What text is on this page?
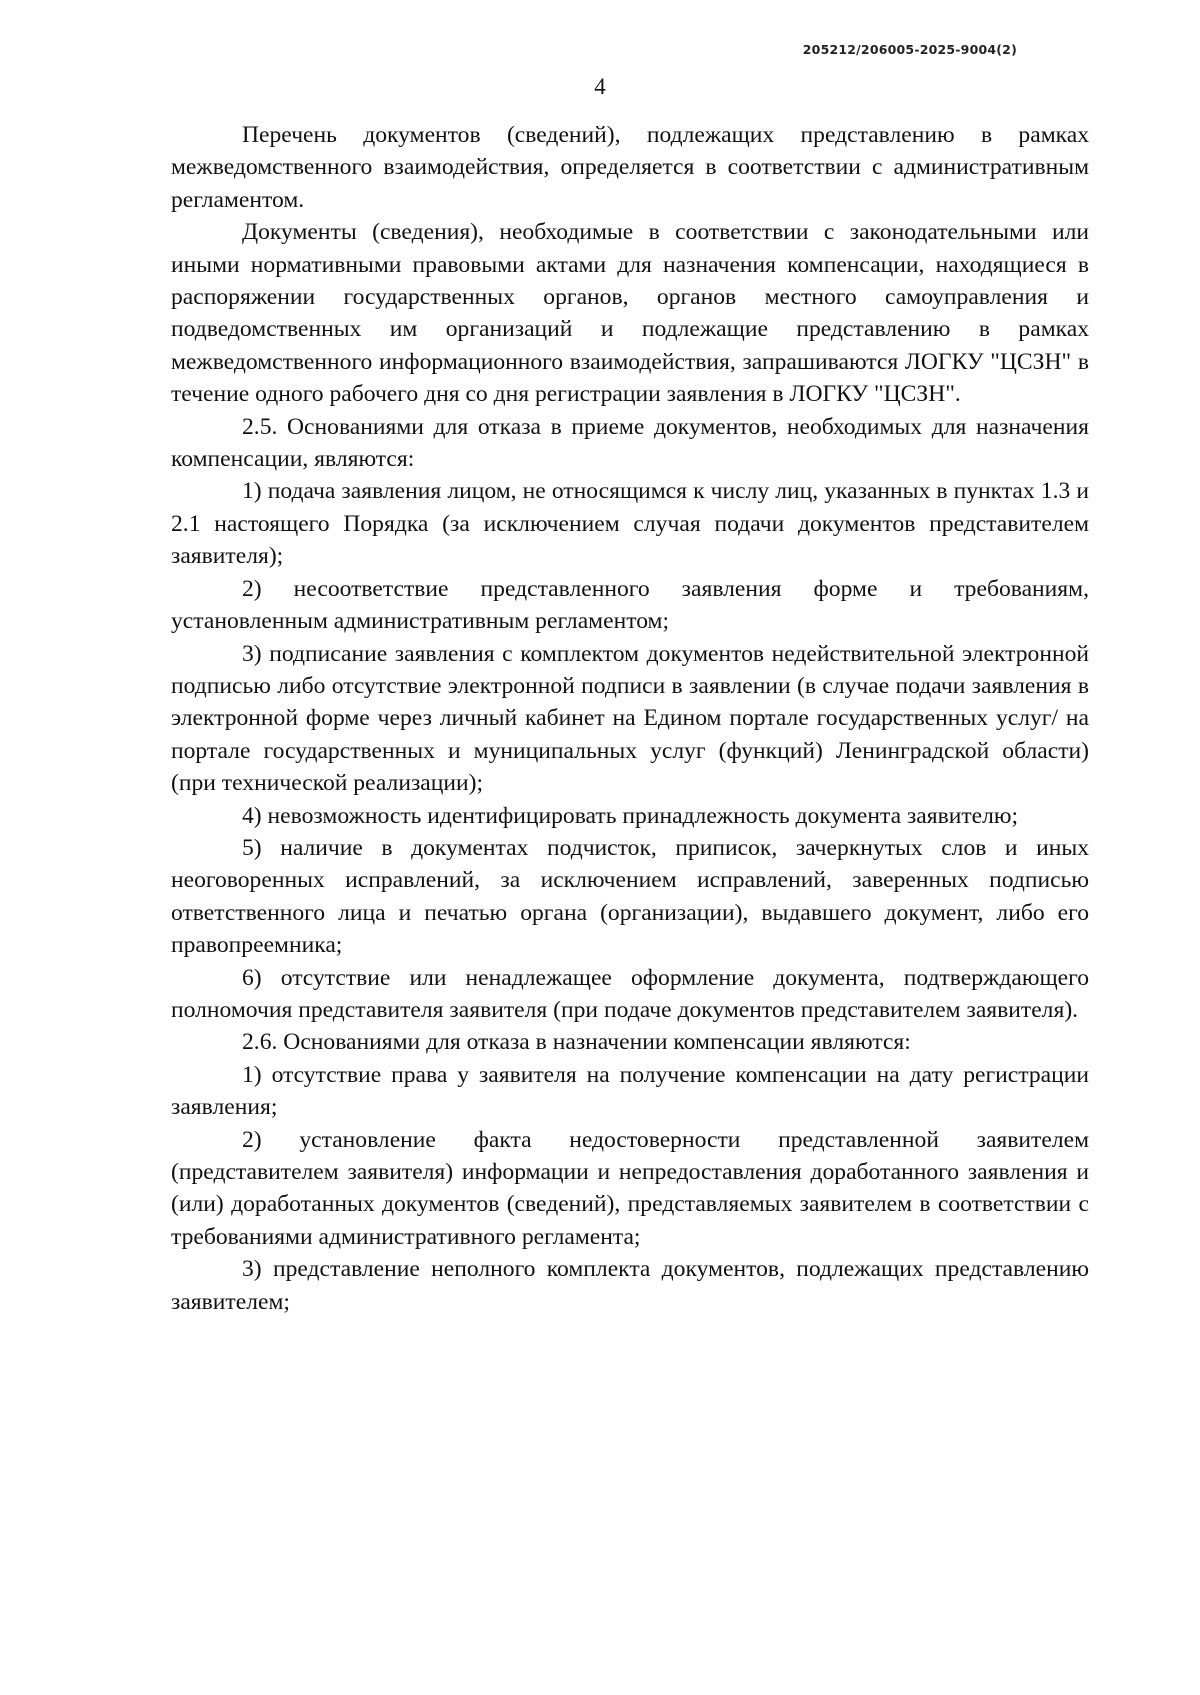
205212/206005-2025-9004(2)
4

Перечень документов (сведений), подлежащих представлению в рамках межведомственного взаимодействия, определяется в соответствии с административным регламентом.

Документы (сведения), необходимые в соответствии с законодательными или иными нормативными правовыми актами для назначения компенсации, находящиеся в распоряжении государственных органов, органов местного самоуправления и подведомственных им организаций и подлежащие представлению в рамках межведомственного информационного взаимодействия, запрашиваются ЛОГКУ "ЦСЗН" в течение одного рабочего дня со дня регистрации заявления в ЛОГКУ "ЦСЗН".

2.5. Основаниями для отказа в приеме документов, необходимых для назначения компенсации, являются:

1) подача заявления лицом, не относящимся к числу лиц, указанных в пунктах 1.3 и 2.1 настоящего Порядка (за исключением случая подачи документов представителем заявителя);

2) несоответствие представленного заявления форме и требованиям, установленным административным регламентом;

3) подписание заявления с комплектом документов недействительной электронной подписью либо отсутствие электронной подписи в заявлении (в случае подачи заявления в электронной форме через личный кабинет на Едином портале государственных услуг/ на портале государственных и муниципальных услуг (функций) Ленинградской области) (при технической реализации);

4) невозможность идентифицировать принадлежность документа заявителю;

5) наличие в документах подчисток, приписок, зачеркнутых слов и иных неоговоренных исправлений, за исключением исправлений, заверенных подписью ответственного лица и печатью органа (организации), выдавшего документ, либо его правопреемника;

6) отсутствие или ненадлежащее оформление документа, подтверждающего полномочия представителя заявителя (при подаче документов представителем заявителя).

2.6. Основаниями для отказа в назначении компенсации являются:

1) отсутствие права у заявителя на получение компенсации на дату регистрации заявления;

2) установление факта недостоверности представленной заявителем (представителем заявителя) информации и непредоставления доработанного заявления и (или) доработанных документов (сведений), представляемых заявителем в соответствии с требованиями административного регламента;

3) представление неполного комплекта документов, подлежащих представлению заявителем;
